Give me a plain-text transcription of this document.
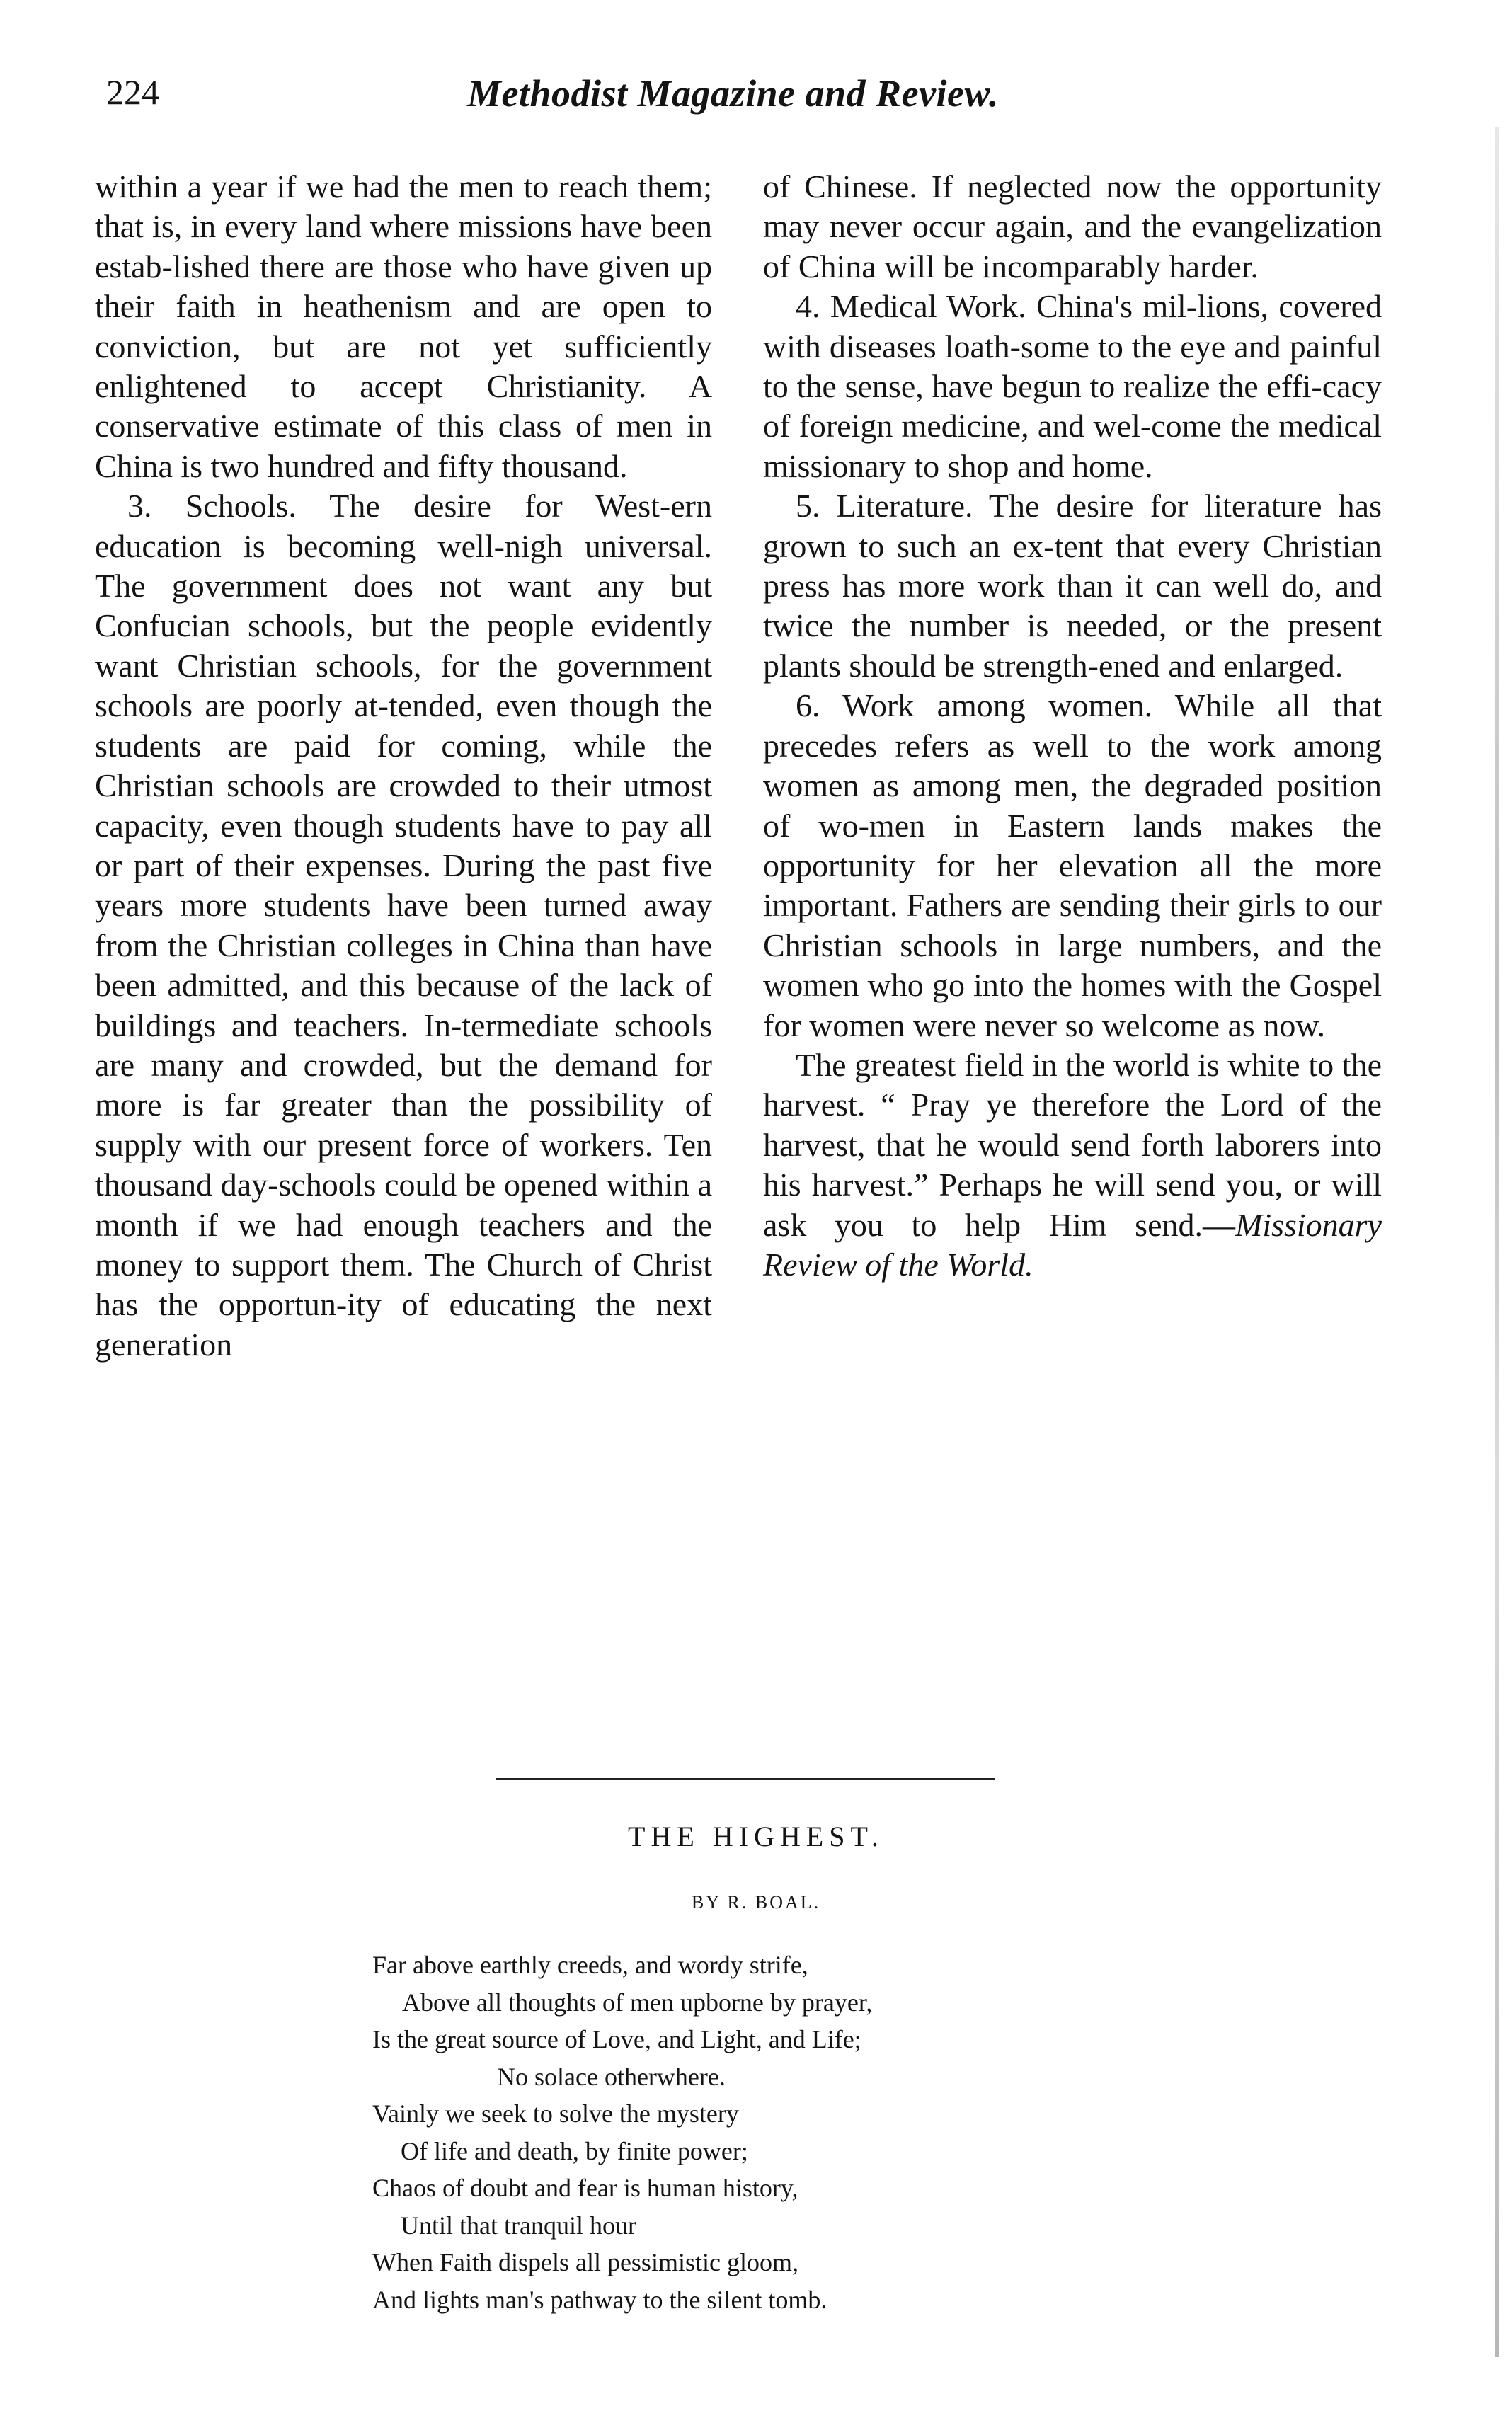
224	Methodist Magazine and Review.

within a year if we had the men to reach them; that is, in every land where missions have been estab-lished there are those who have given up their faith in heathenism and are open to conviction, but are not yet sufficiently enlightened to accept Christianity. A conservative estimate of this class of men in China is two hundred and fifty thousand.

3. Schools. The desire for West-ern education is becoming well-nigh universal. The government does not want any but Confucian schools, but the people evidently want Christian schools, for the government schools are poorly at-tended, even though the students are paid for coming, while the Christian schools are crowded to their utmost capacity, even though students have to pay all or part of their expenses. During the past five years more students have been turned away from the Christian colleges in China than have been admitted, and this because of the lack of buildings and teachers. In-termediate schools are many and crowded, but the demand for more is far greater than the possibility of supply with our present force of workers. Ten thousand day-schools could be opened within a month if we had enough teachers and the money to support them. The Church of Christ has the opportun-ity of educating the next generation

of Chinese. If neglected now the opportunity may never occur again, and the evangelization of China will be incomparably harder.

4. Medical Work. China's mil-lions, covered with diseases loath-some to the eye and painful to the sense, have begun to realize the effi-cacy of foreign medicine, and wel-come the medical missionary to shop and home.

5. Literature. The desire for literature has grown to such an ex-tent that every Christian press has more work than it can well do, and twice the number is needed, or the present plants should be strength-ened and enlarged.

6. Work among women. While all that precedes refers as well to the work among women as among men, the degraded position of wo-men in Eastern lands makes the opportunity for her elevation all the more important. Fathers are sending their girls to our Christian schools in large numbers, and the women who go into the homes with the Gospel for women were never so welcome as now.

The greatest field in the world is white to the harvest. “ Pray ye therefore the Lord of the harvest, that he would send forth laborers into his harvest.” Perhaps he will send you, or will ask you to help Him send.—Missionary Review of the World.

THE HIGHEST.
BY R. BOAL.
Far above earthly creeds, and wordy strife,
Above all thoughts of men upborne by prayer,
Is the great source of Love, and Light, and Life;
No solace otherwhere.
Vainly we seek to solve the mystery
Of life and death, by finite power;
Chaos of doubt and fear is human history,
Until that tranquil hour
When Faith dispels all pessimistic gloom,
And lights man's pathway to the silent tomb.
